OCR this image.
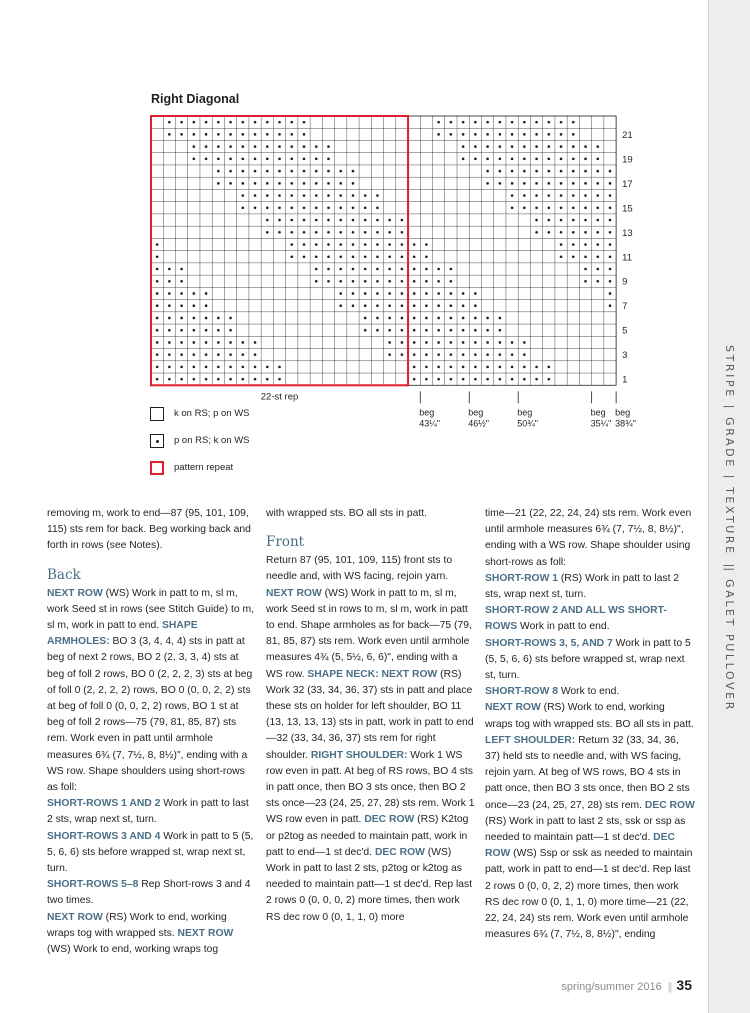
STRIPE|GRADE|TEXTURE||GALET PULLOVER
Right Diagonal
21
19
17
15
13
11
9
7
5
3
1
22-st rep
beg
43¼"
beg
46½"
beg
50¾"
beg
35¼"
beg
38¾"
k on RS; p on WS
p on RS; k on WS
pattern repeat

removing m, work to end—87 (95, 101, 109, 115) sts rem for back. Beg working back and forth in rows (see Notes).

Back

NEXT ROW (WS) Work in patt to m, sl m, work Seed st in rows (see Stitch Guide) to m, sl m, work in patt to end. SHAPE ARMHOLES: BO 3 (3, 4, 4, 4) sts in patt at beg of next 2 rows, BO 2 (2, 3, 3, 4) sts at beg of foll 2 rows, BO 0 (2, 2, 2, 3) sts at beg of foll 0 (2, 2, 2, 2) rows, BO 0 (0, 0, 2, 2) sts at beg of foll 0 (0, 0, 2, 2) rows, BO 1 st at beg of foll 2 rows—75 (79, 81, 85, 87) sts rem. Work even in patt until armhole measures 6¾ (7, 7½, 8, 8½)", ending with a WS row. Shape shoulders using short-rows as foll:

SHORT-ROWS 1 AND 2 Work in patt to last 2 sts, wrap next st, turn.

SHORT-ROWS 3 AND 4 Work in patt to 5 (5, 5, 6, 6) sts before wrapped st, wrap next st, turn.

SHORT-ROWS 5–8 Rep Short-rows 3 and 4 two times.

NEXT ROW (RS) Work to end, working wraps tog with wrapped sts. NEXT ROW (WS) Work to end, working wraps tog

with wrapped sts. BO all sts in patt.

Front

Return 87 (95, 101, 109, 115) front sts to needle and, with WS facing, rejoin yarn. NEXT ROW (WS) Work in patt to m, sl m, work Seed st in rows to m, sl m, work in patt to end. Shape armholes as for back—75 (79, 81, 85, 87) sts rem. Work even until armhole measures 4¾ (5, 5½, 6, 6)", ending with a WS row. SHAPE NECK: NEXT ROW (RS) Work 32 (33, 34, 36, 37) sts in patt and place these sts on holder for left shoulder, BO 11 (13, 13, 13, 13) sts in patt, work in patt to end—32 (33, 34, 36, 37) sts rem for right shoulder. RIGHT SHOULDER: Work 1 WS row even in patt. At beg of RS rows, BO 4 sts in patt once, then BO 3 sts once, then BO 2 sts once—23 (24, 25, 27, 28) sts rem. Work 1 WS row even in patt. DEC ROW (RS) K2tog or p2tog as needed to maintain patt, work in patt to end—1 st dec'd. DEC ROW (WS) Work in patt to last 2 sts, p2tog or k2tog as needed to maintain patt—1 st dec'd. Rep last 2 rows 0 (0, 0, 0, 2) more times, then work RS dec row 0 (0, 1, 1, 0) more

time—21 (22, 22, 24, 24) sts rem. Work even until armhole measures 6¾ (7, 7½, 8, 8½)", ending with a WS row. Shape shoulder using short-rows as foll:

SHORT-ROW 1 (RS) Work in patt to last 2 sts, wrap next st, turn.

SHORT-ROW 2 AND ALL WS SHORT-ROWS Work in patt to end.

SHORT-ROWS 3, 5, AND 7 Work in patt to 5 (5, 5, 6, 6) sts before wrapped st, wrap next st, turn.

SHORT-ROW 8 Work to end.

NEXT ROW (RS) Work to end, working wraps tog with wrapped sts. BO all sts in patt. LEFT SHOULDER: Return 32 (33, 34, 36, 37) held sts to needle and, with WS facing, rejoin yarn. At beg of WS rows, BO 4 sts in patt once, then BO 3 sts once, then BO 2 sts once—23 (24, 25, 27, 28) sts rem. DEC ROW (RS) Work in patt to last 2 sts, ssk or ssp as needed to maintain patt—1 st dec'd. DEC ROW (WS) Ssp or ssk as needed to maintain patt, work in patt to end—1 st dec'd. Rep last 2 rows 0 (0, 0, 2, 2) more times, then work RS dec row 0 (0, 1, 1, 0) more time—21 (22, 22, 24, 24) sts rem. Work even until armhole measures 6¾ (7, 7½, 8, 8½)", ending

spring/summer 2016 || 35
